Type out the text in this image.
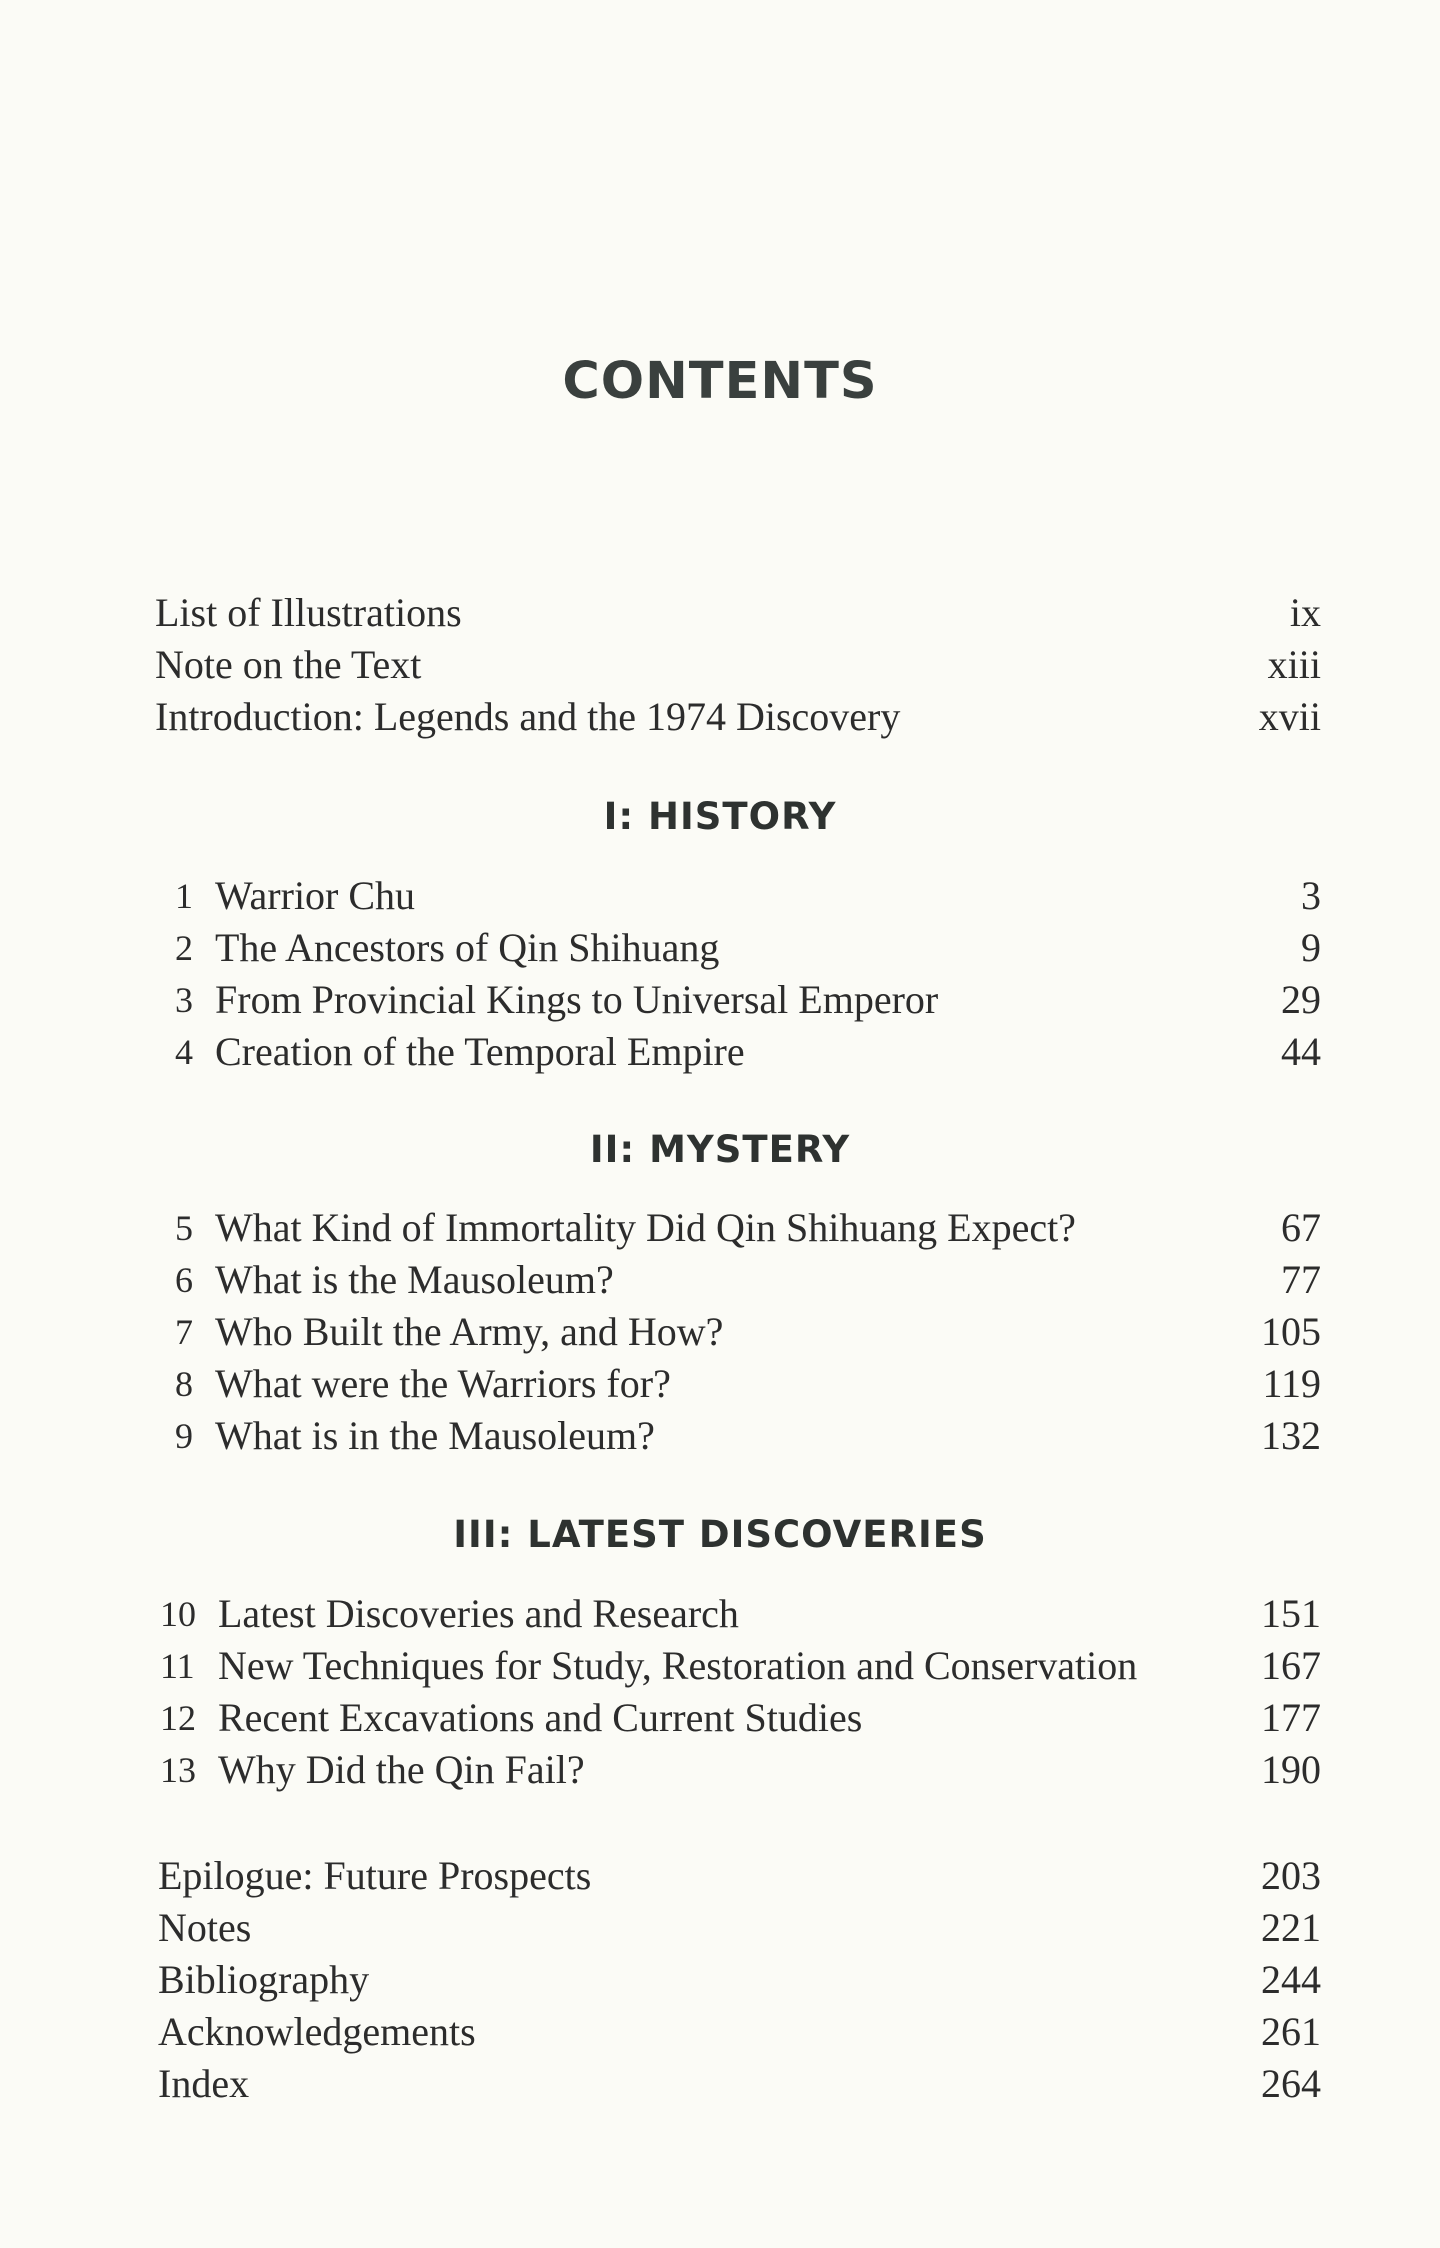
CONTENTS
List of Illustrations	ix
Note on the Text	xiii
Introduction: Legends and the 1974 Discovery	xvii
I: HISTORY
1 Warrior Chu	3
2 The Ancestors of Qin Shihuang	9
3 From Provincial Kings to Universal Emperor	29
4 Creation of the Temporal Empire	44
II: MYSTERY
5 What Kind of Immortality Did Qin Shihuang Expect?	67
6 What is the Mausoleum?	77
7 Who Built the Army, and How?	105
8 What were the Warriors for?	119
9 What is in the Mausoleum?	132
III: LATEST DISCOVERIES
10 Latest Discoveries and Research	151
11 New Techniques for Study, Restoration and Conservation	167
12 Recent Excavations and Current Studies	177
13 Why Did the Qin Fail?	190
Epilogue: Future Prospects	203
Notes	221
Bibliography	244
Acknowledgements	261
Index	264
